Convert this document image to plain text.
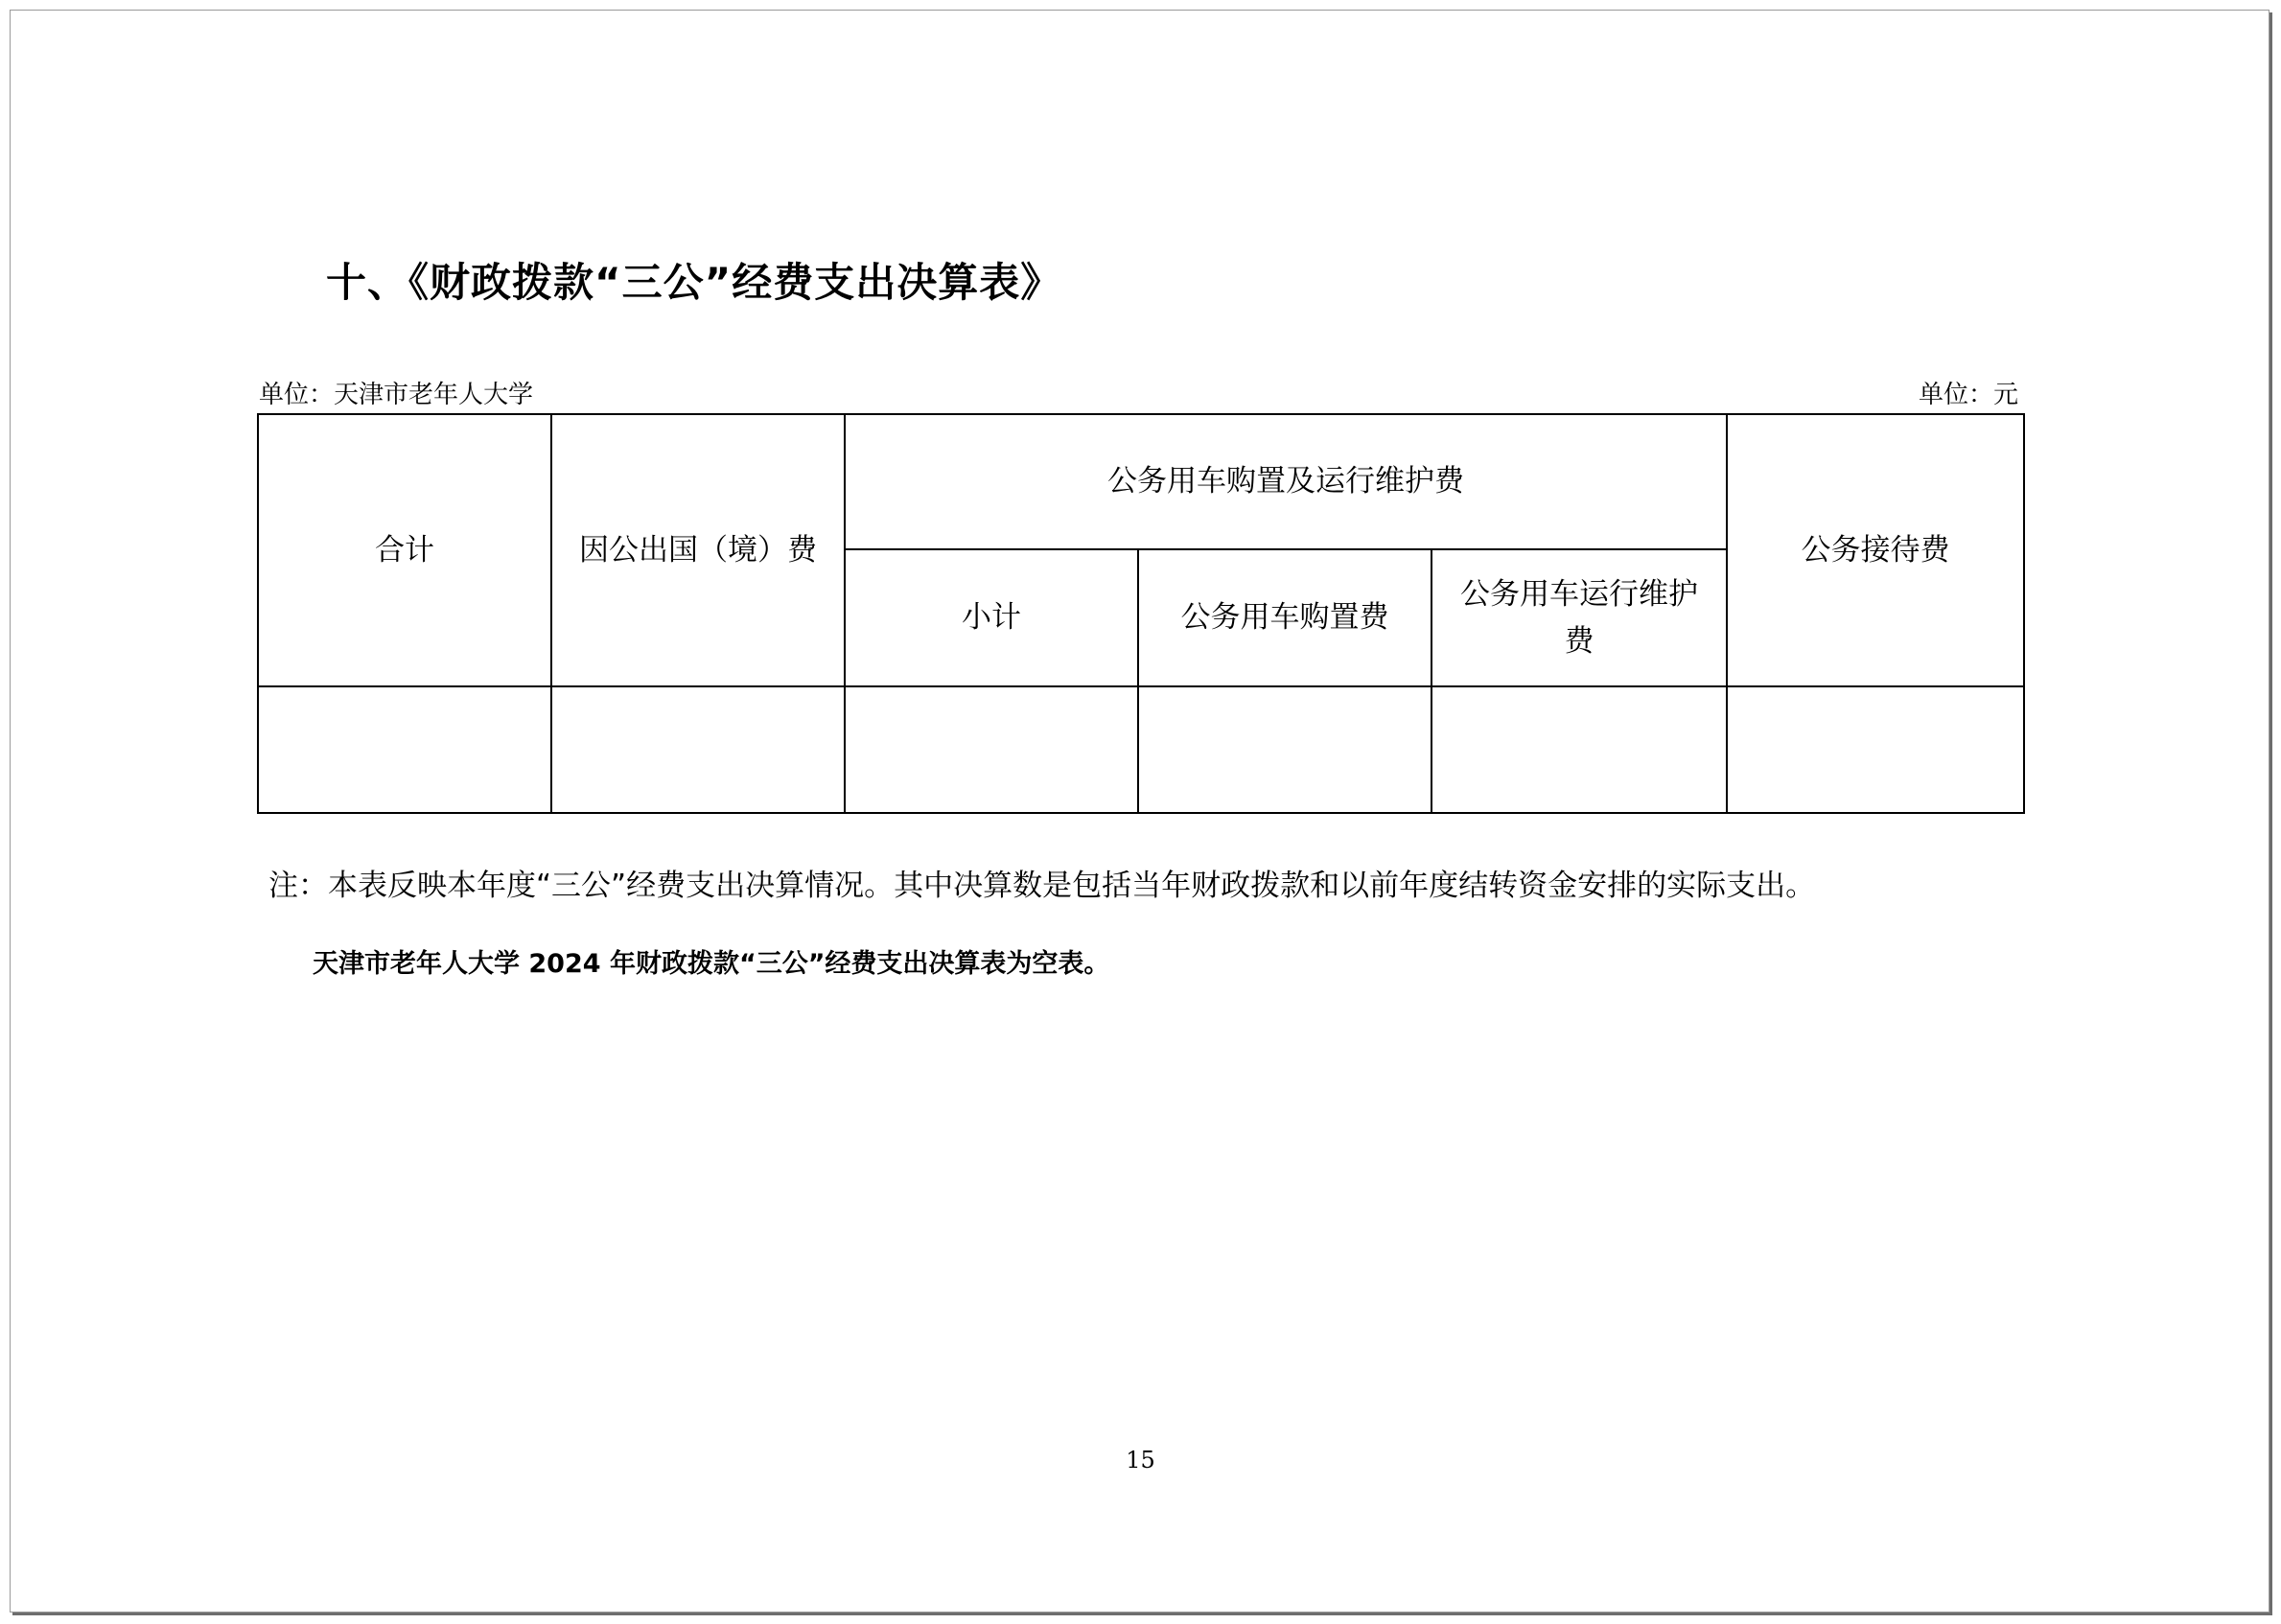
十、《财政拨款“三公”经费支出决算表》
单位：天津市老年人大学	单位：元
合计	因公出国（境）费	公务用车购置及运行维护费			公务接待费
		小计	公务用车购置费	公务用车运行维护费	

注：本表反映本年度“三公”经费支出决算情况。其中决算数是包括当年财政拨款和以前年度结转资金安排的实际支出。
天津市老年人大学 2024 年财政拨款“三公”经费支出决算表为空表。
15
